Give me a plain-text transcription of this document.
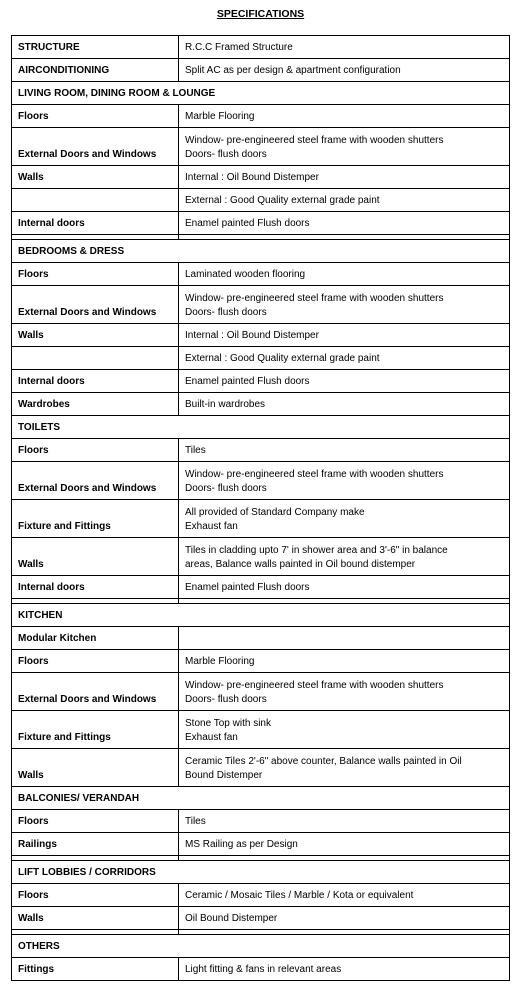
SPECIFICATIONS
STRUCTURE	R.C.C Framed Structure

AIRCONDITIONING	Split AC as per design & apartment configuration

LIVING ROOM, DINING ROOM & LOUNGE	
Floors	Marble Flooring

External Doors and Windows	Window- pre-engineered steel frame with wooden shutters
Doors- flush doors

Walls	Internal : Oil Bound Distemper

	External : Good Quality external grade paint

Internal doors	Enamel painted Flush doors

BEDROOMS & DRESS	
Floors	Laminated wooden flooring

External Doors and Windows	Window- pre-engineered steel frame with wooden shutters
Doors- flush doors

Walls	Internal : Oil Bound Distemper

	External : Good Quality external grade paint

Internal doors	Enamel painted Flush doors

Wardrobes	Built-in wardrobes

TOILETS	
Floors	Tiles

External Doors and Windows	Window- pre-engineered steel frame with wooden shutters
Doors- flush doors

Fixture and Fittings	All provided of Standard Company make
Exhaust fan

Walls	Tiles in cladding upto 7' in shower area and 3'-6" in balance
areas, Balance walls painted in Oil bound distemper

Internal doors	Enamel painted Flush doors

KITCHEN	
Modular Kitchen	

Floors	Marble Flooring

External Doors and Windows	Window- pre-engineered steel frame with wooden shutters
Doors- flush doors

Fixture and Fittings	Stone Top with sink
Exhaust fan

Walls	Ceramic Tiles 2'-6" above counter, Balance walls painted in Oil
Bound Distemper

BALCONIES/ VERANDAH	
Floors	Tiles

Railings	MS Railing as per Design

LIFT LOBBIES / CORRIDORS	
Floors	Ceramic / Mosaic Tiles / Marble / Kota or equivalent

Walls	Oil Bound Distemper

OTHERS	
Fittings	Light fitting & fans in relevant areas
